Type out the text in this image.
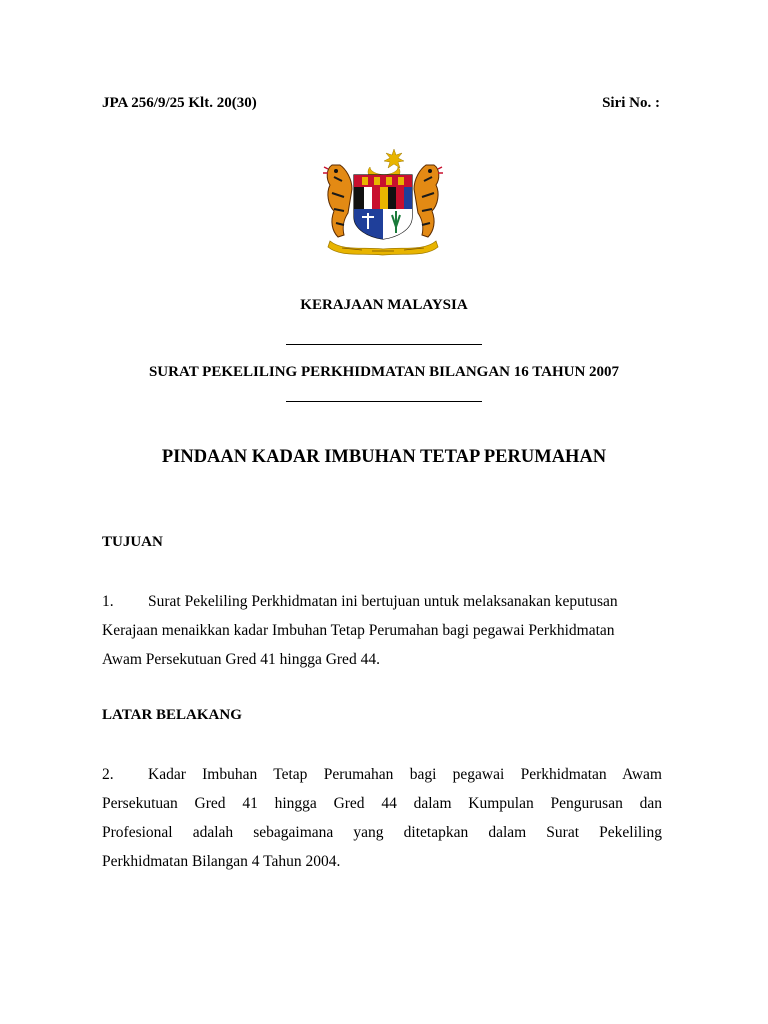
JPA 256/9/25 Klt. 20(30)	Siri No. :
KERAJAAN MALAYSIA
SURAT PEKELILING PERKHIDMATAN BILANGAN 16 TAHUN 2007
PINDAAN KADAR IMBUHAN TETAP PERUMAHAN
TUJUAN
1. Surat Pekeliling Perkhidmatan ini bertujuan untuk melaksanakan keputusan
Kerajaan menaikkan kadar Imbuhan Tetap Perumahan bagi pegawai Perkhidmatan
Awam Persekutuan Gred 41 hingga Gred 44.
LATAR BELAKANG
2.	Kadar Imbuhan Tetap Perumahan bagi pegawai Perkhidmatan Awam
Persekutuan Gred 41 hingga Gred 44 dalam Kumpulan Pengurusan dan
Profesional adalah sebagaimana yang ditetapkan dalam Surat Pekeliling
Perkhidmatan Bilangan 4 Tahun 2004.
